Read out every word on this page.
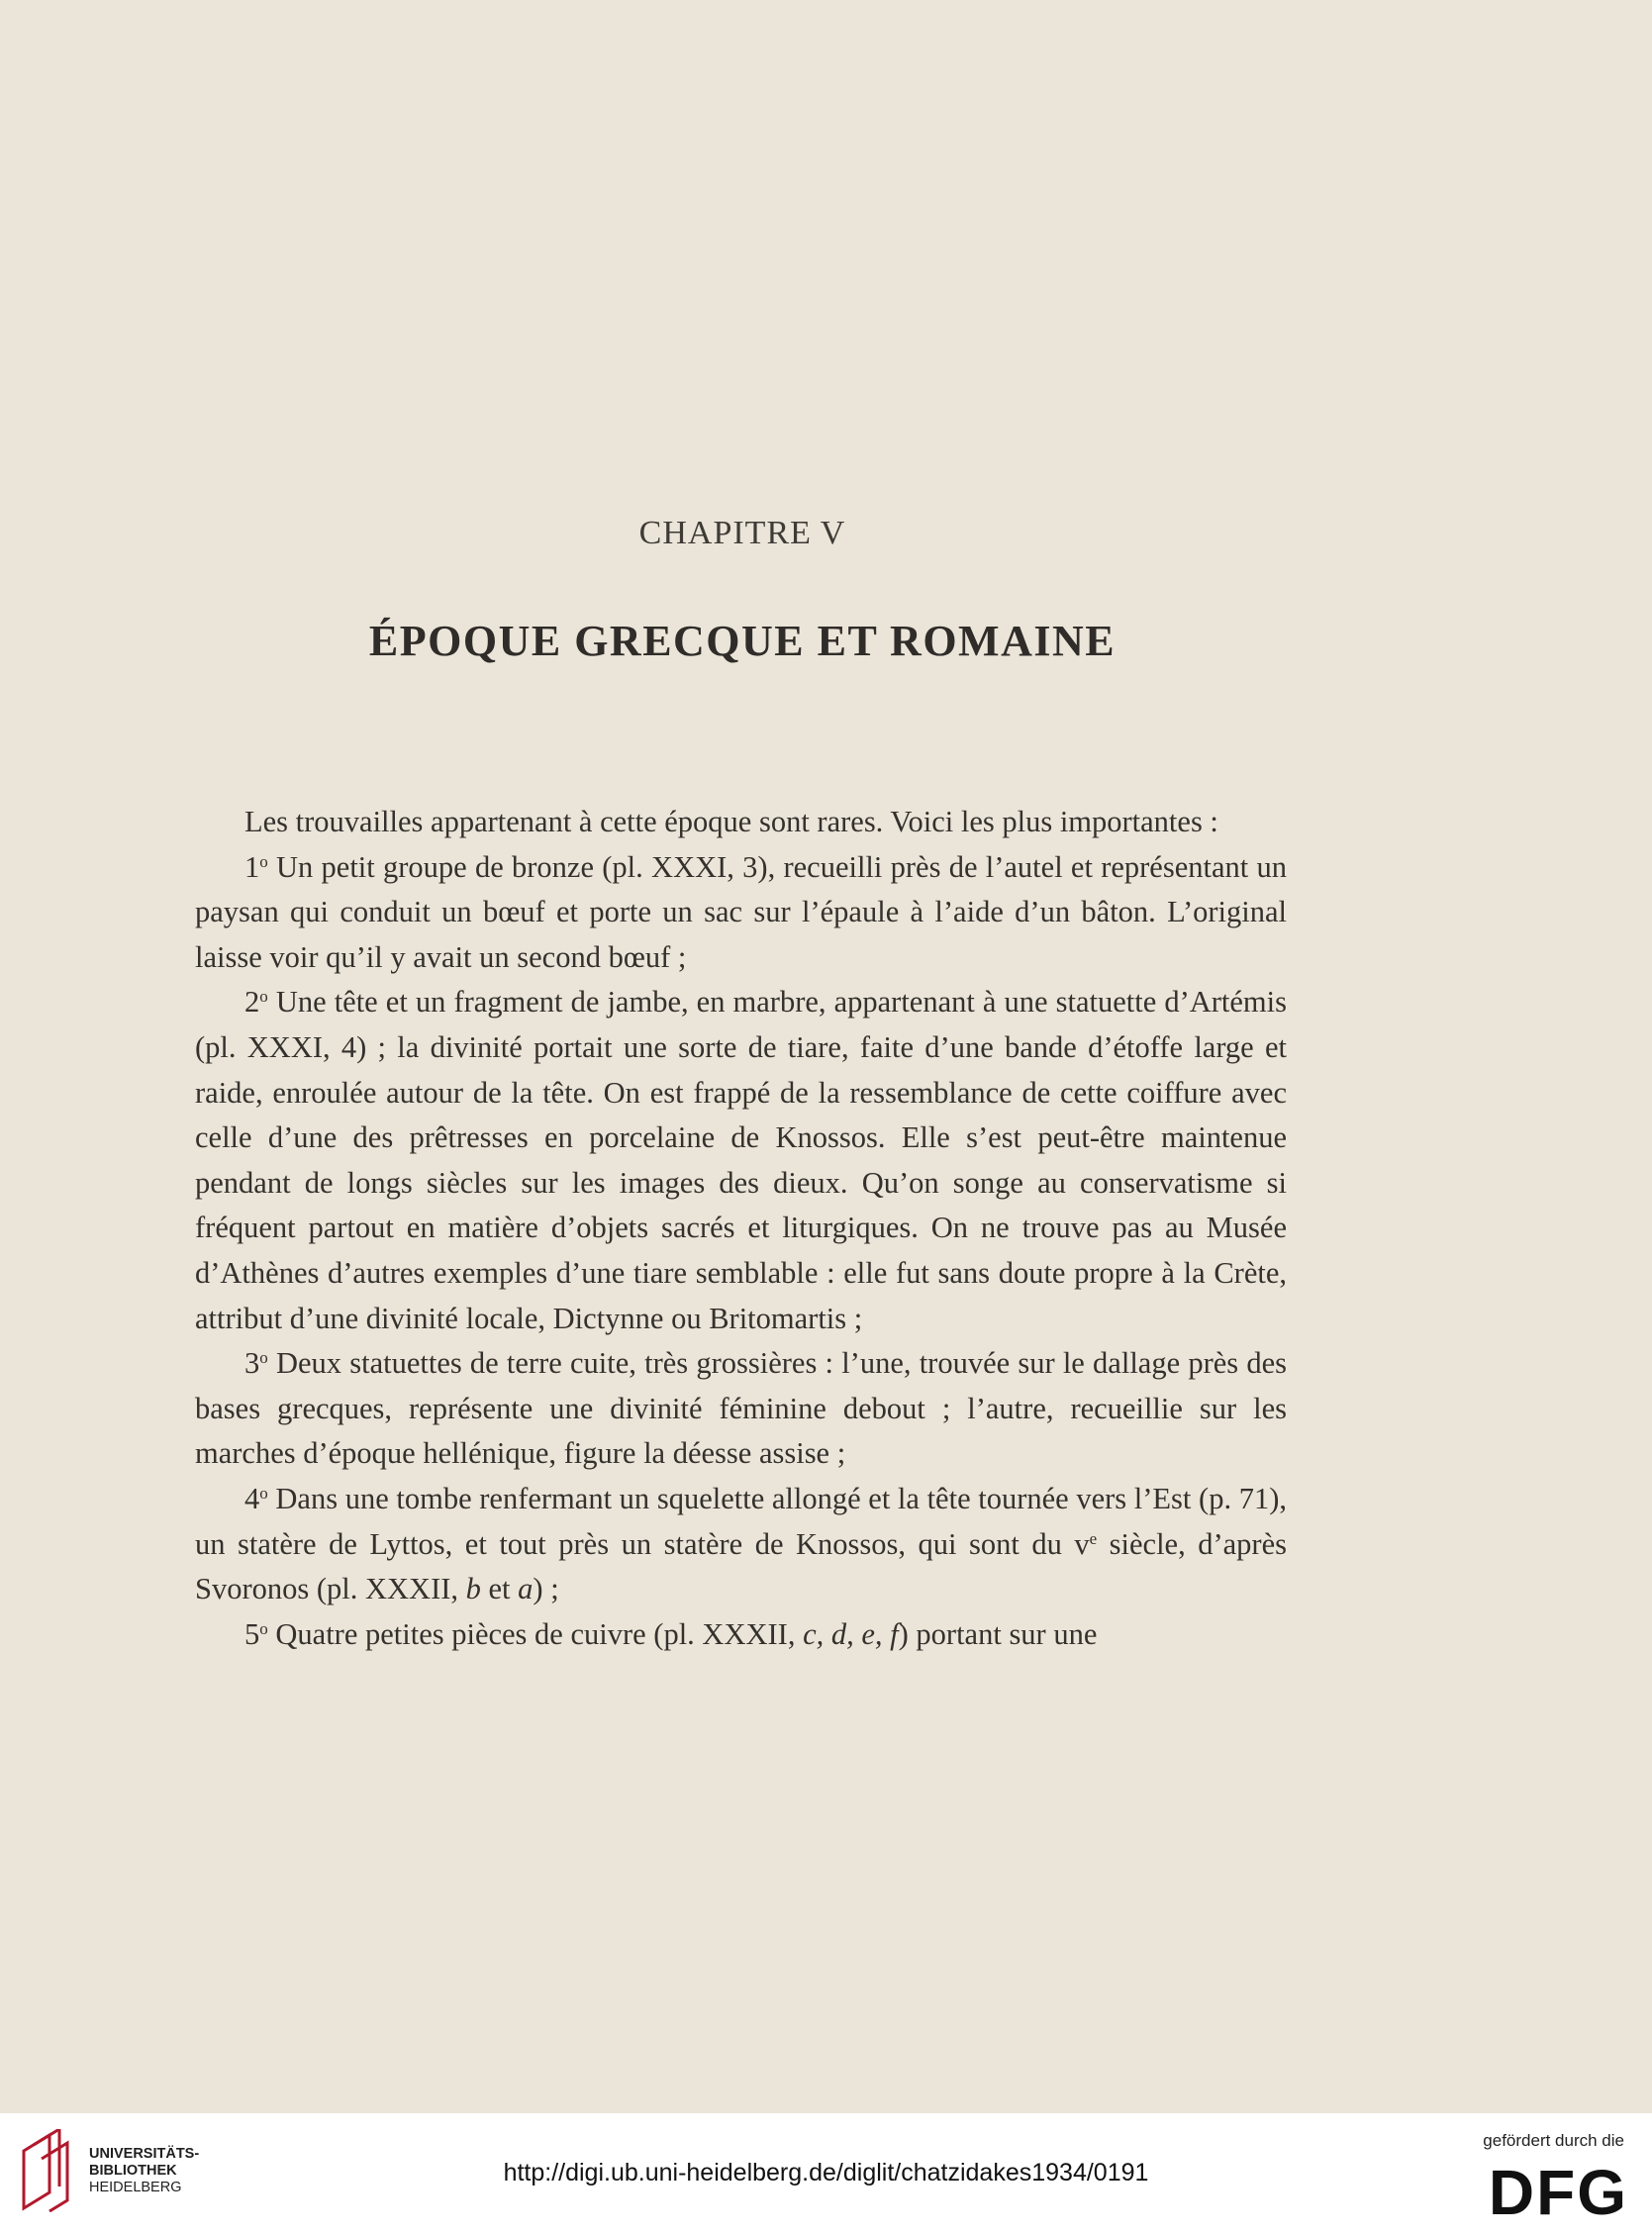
CHAPITRE V
ÉPOQUE GRECQUE ET ROMAINE

Les trouvailles appartenant à cette époque sont rares. Voici les plus importantes :

1$^o$ Un petit groupe de bronze (pl. XXXI, 3), recueilli près de l’autel et représentant un paysan qui conduit un bœuf et porte un sac sur l’épaule à l’aide d’un bâton. L’original laisse voir qu’il y avait un second bœuf ;

2$^o$ Une tête et un fragment de jambe, en marbre, appartenant à une statuette d’Artémis (pl. XXXI, 4) ; la divinité portait une sorte de tiare, faite d’une bande d’étoffe large et raide, enroulée autour de la tête. On est frappé de la ressemblance de cette coiffure avec celle d’une des prêtresses en porcelaine de Knossos. Elle s’est peut-être maintenue pendant de longs siècles sur les images des dieux. Qu’on songe au conservatisme si fréquent partout en matière d’objets sacrés et liturgiques. On ne trouve pas au Musée d’Athènes d’autres exemples d’une tiare semblable : elle fut sans doute propre à la Crète, attribut d’une divinité locale, Dictynne ou Britomartis ;

3$^o$ Deux statuettes de terre cuite, très grossières : l’une, trouvée sur le dallage près des bases grecques, représente une divinité féminine debout ; l’autre, recueillie sur les marches d’époque hellénique, figure la déesse assise ;

4$^o$ Dans une tombe renfermant un squelette allongé et la tête tournée vers l’Est (p. 71), un statère de Lyttos, et tout près un statère de Knossos, qui sont du $v^e$ siècle, d’après Svoronos (pl. XXXII, b et a) ;

5$^o$ Quatre petites pièces de cuivre (pl. XXXII, c, d, e, f) portant sur une

UNIVERSITÄTS-
BIBLIOTHEK
HEIDELBERG
http://digi.ub.uni-heidelberg.de/diglit/chatzidakes1934/0191
gefördert durch die
DFG
